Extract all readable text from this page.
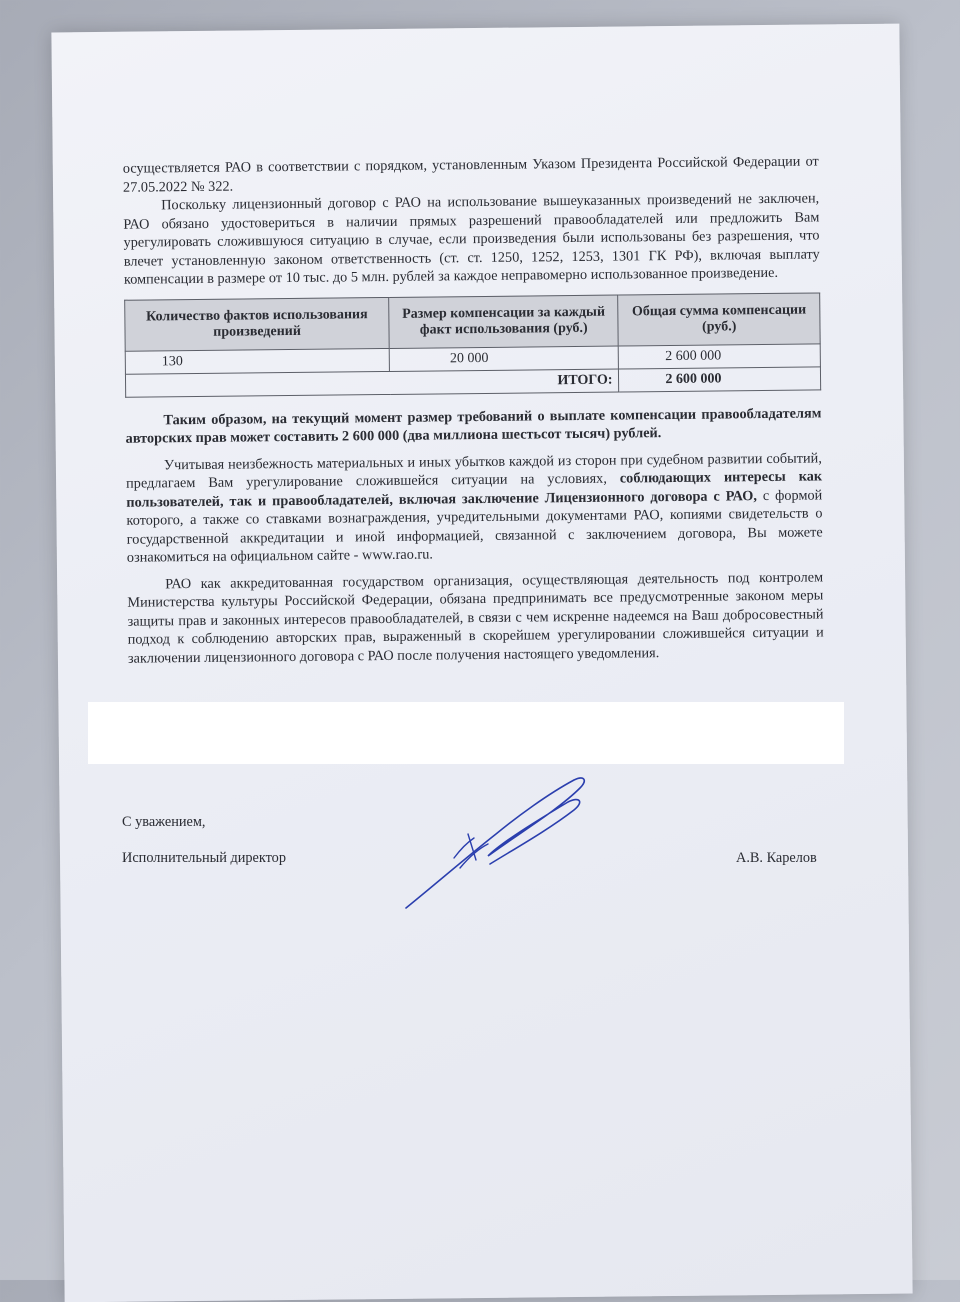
осуществляется РАО в соответствии с порядком, установленным Указом Президента Российской Федерации от 27.05.2022 № 322.

Поскольку лицензионный договор с РАО на использование вышеуказанных произведений не заключен, РАО обязано удостовериться в наличии прямых разрешений правообладателей или предложить Вам урегулировать сложившуюся ситуацию в случае, если произведения были использованы без разрешения, что влечет установленную законом ответственность (ст. ст. 1250, 1252, 1253, 1301 ГК РФ), включая выплату компенсации в размере от 10 тыс. до 5 млн. рублей за каждое неправомерно использованное произведение.

Количество фактов использования произведений	Размер компенсации за каждый факт использования (руб.)	Общая сумма компенсации (руб.)
130	20 000	2 600 000
ИТОГО:		2 600 000

Таким образом, на текущий момент размер требований о выплате компенсации правообладателям авторских прав может составить 2 600 000 (два миллиона шестьсот тысяч) рублей.

Учитывая неизбежность материальных и иных убытков каждой из сторон при судебном развитии событий, предлагаем Вам урегулирование сложившейся ситуации на условиях, соблюдающих интересы как пользователей, так и правообладателей, включая заключение Лицензионного договора с РАО, с формой которого, а также со ставками вознаграждения, учредительными документами РАО, копиями свидетельств о государственной аккредитации и иной информацией, связанной с заключением договора, Вы можете ознакомиться на официальном сайте - www.rao.ru.

РАО как аккредитованная государством организация, осуществляющая деятельность под контролем Министерства культуры Российской Федерации, обязана предпринимать все предусмотренные законом меры защиты прав и законных интересов правообладателей, в связи с чем искренне надеемся на Ваш добросовестный подход к соблюдению авторских прав, выраженный в скорейшем урегулировании сложившейся ситуации и заключении лицензионного договора с РАО после получения настоящего уведомления.

С уважением,
Исполнительный директор	А.В. Карелов
